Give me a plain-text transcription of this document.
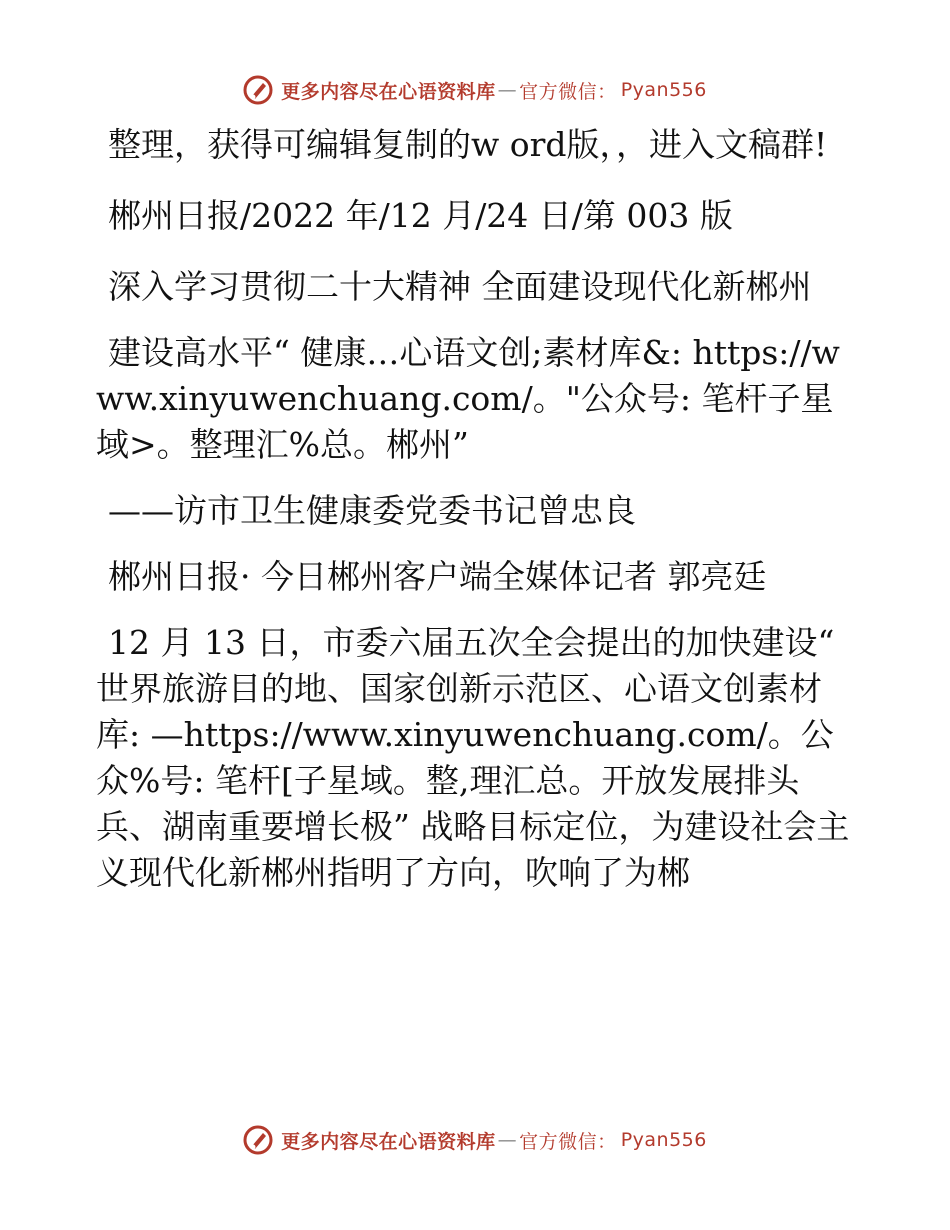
更多内容尽在心语资料库 — 官方微信： Pyan556

整理，获得可编辑复制的w ord版，，进入文稿群!

郴州日报/2022 年/12 月/24 日/第 003 版

深入学习贯彻二十大精神 全面建设现代化新郴州

建设高水平“ 健康…心语文创;素材库&: https://www.xinyuwenchuang.com/。"公众号: 笔杆子星域>。整理汇%总。郴州”

——访市卫生健康委党委书记曾忠良

郴州日报· 今日郴州客户端全媒体记者 郭亮廷

12 月 13 日，市委六届五次全会提出的加快建设“ 世界旅游目的地、国家创新示范区、心语文创素材库: —https://www.xinyuwenchuang.com/。公众%号: 笔杆[子星域。整,理汇总。开放发展排头兵、湖南重要增长极” 战略目标定位，为建设社会主义现代化新郴州指明了方向，吹响了为郴

更多内容尽在心语资料库 — 官方微信： Pyan556
